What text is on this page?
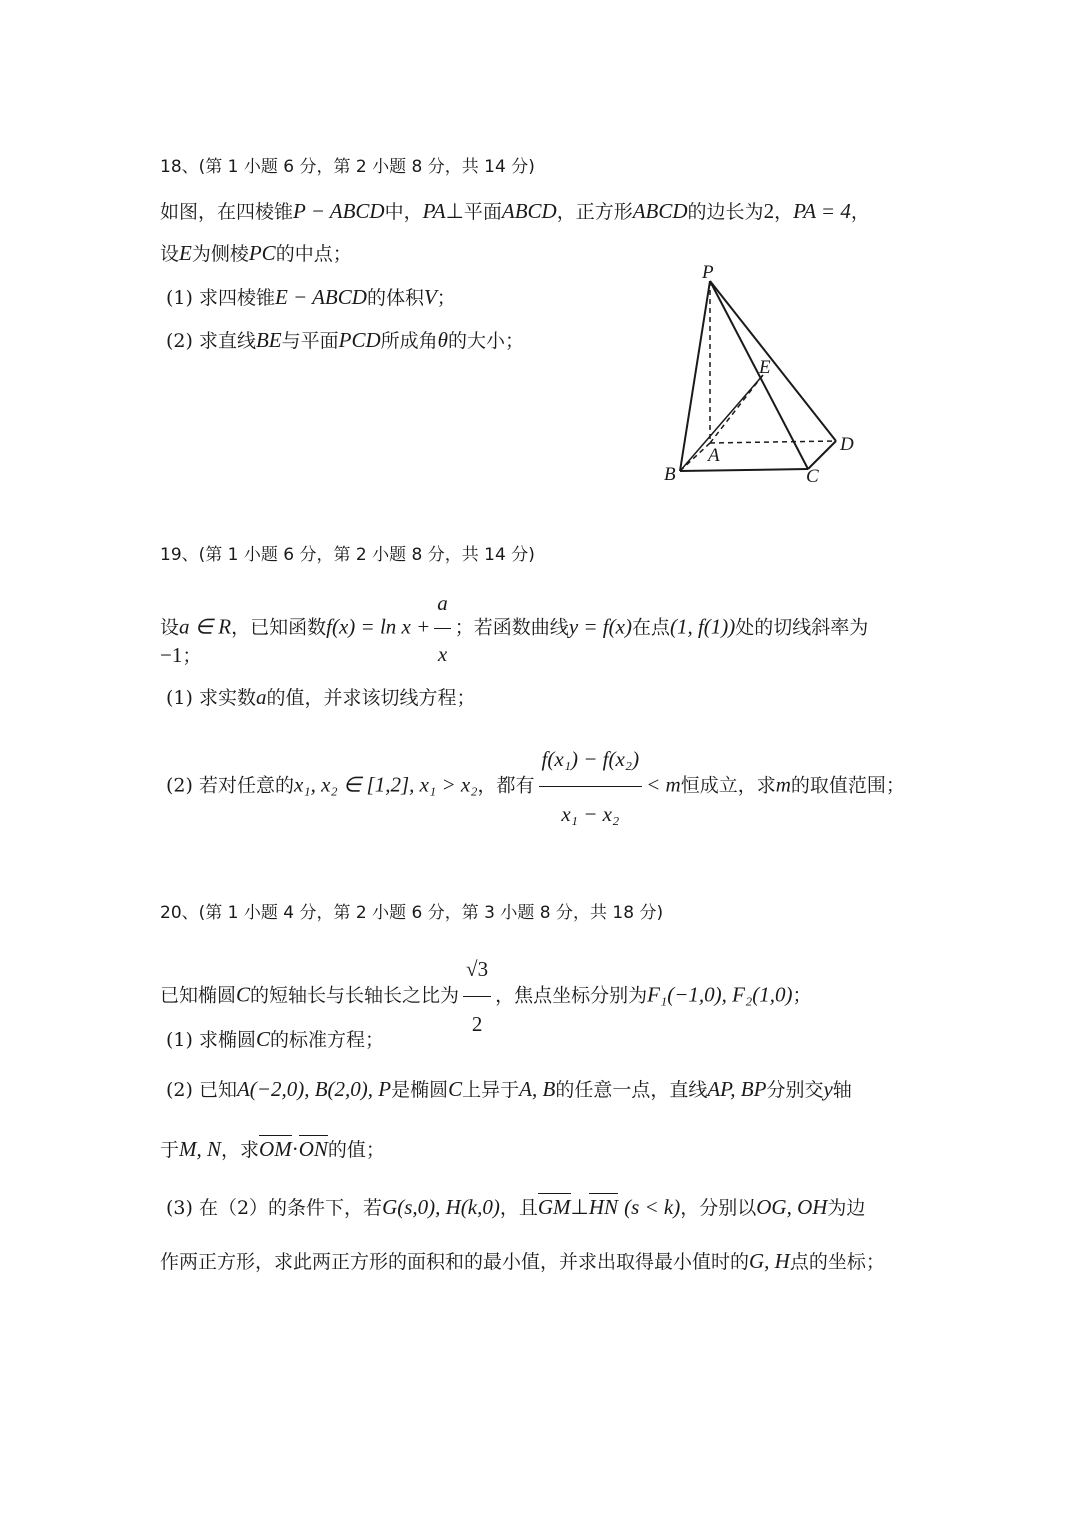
18、(第 1 小题 6 分，第 2 小题 8 分，共 14 分)
如图，在四棱锥P − ABCD中，PA⊥平面ABCD，正方形ABCD的边长为2，PA = 4，
设E为侧棱PC的中点；
(1) 求四棱锥E − ABCD的体积V；
(2) 求直线BE与平面PCD所成角θ的大小；
P
E
A
B	C
D
19、(第 1 小题 6 分，第 2 小题 8 分，共 14 分)
设a ∈ R，已知函数$f(x) = \ln x + \frac{a}{x}$ ；若函数曲线y = f(x)在点(1, f(1))处的切线斜率为
−1；
(1) 求实数a的值，并求该切线方程；
(2) 若对任意的x₁, x₂ ∈ [1,2], x₁ > x₂，都有 $\frac{\text{f(x₁) − f(x₂)}}{\text{x₁ − x₂}} < m$恒成立，求m的取值范围；
20、(第 1 小题 4 分，第 2 小题 6 分，第 3 小题 8 分，共 18 分)
已知椭圆C的短轴长与长轴长之比为 $\frac{√3}{2}$ ，焦点坐标分别为F₁(−1,0), F₂(1,0)；
(1) 求椭圆C的标准方程；
(2) 已知A(−2,0), B(2,0), P是椭圆C上异于A, B的任意一点，直线AP, BP分别交y轴
于M, N，求OM·ON的值；
(3) 在（2）的条件下，若G(s,0), H(k,0)，且GM⊥HN (s < k)，分别以OG, OH为边
作两正方形，求此两正方形的面积和的最小值，并求出取得最小值时的G, H点的坐标；
